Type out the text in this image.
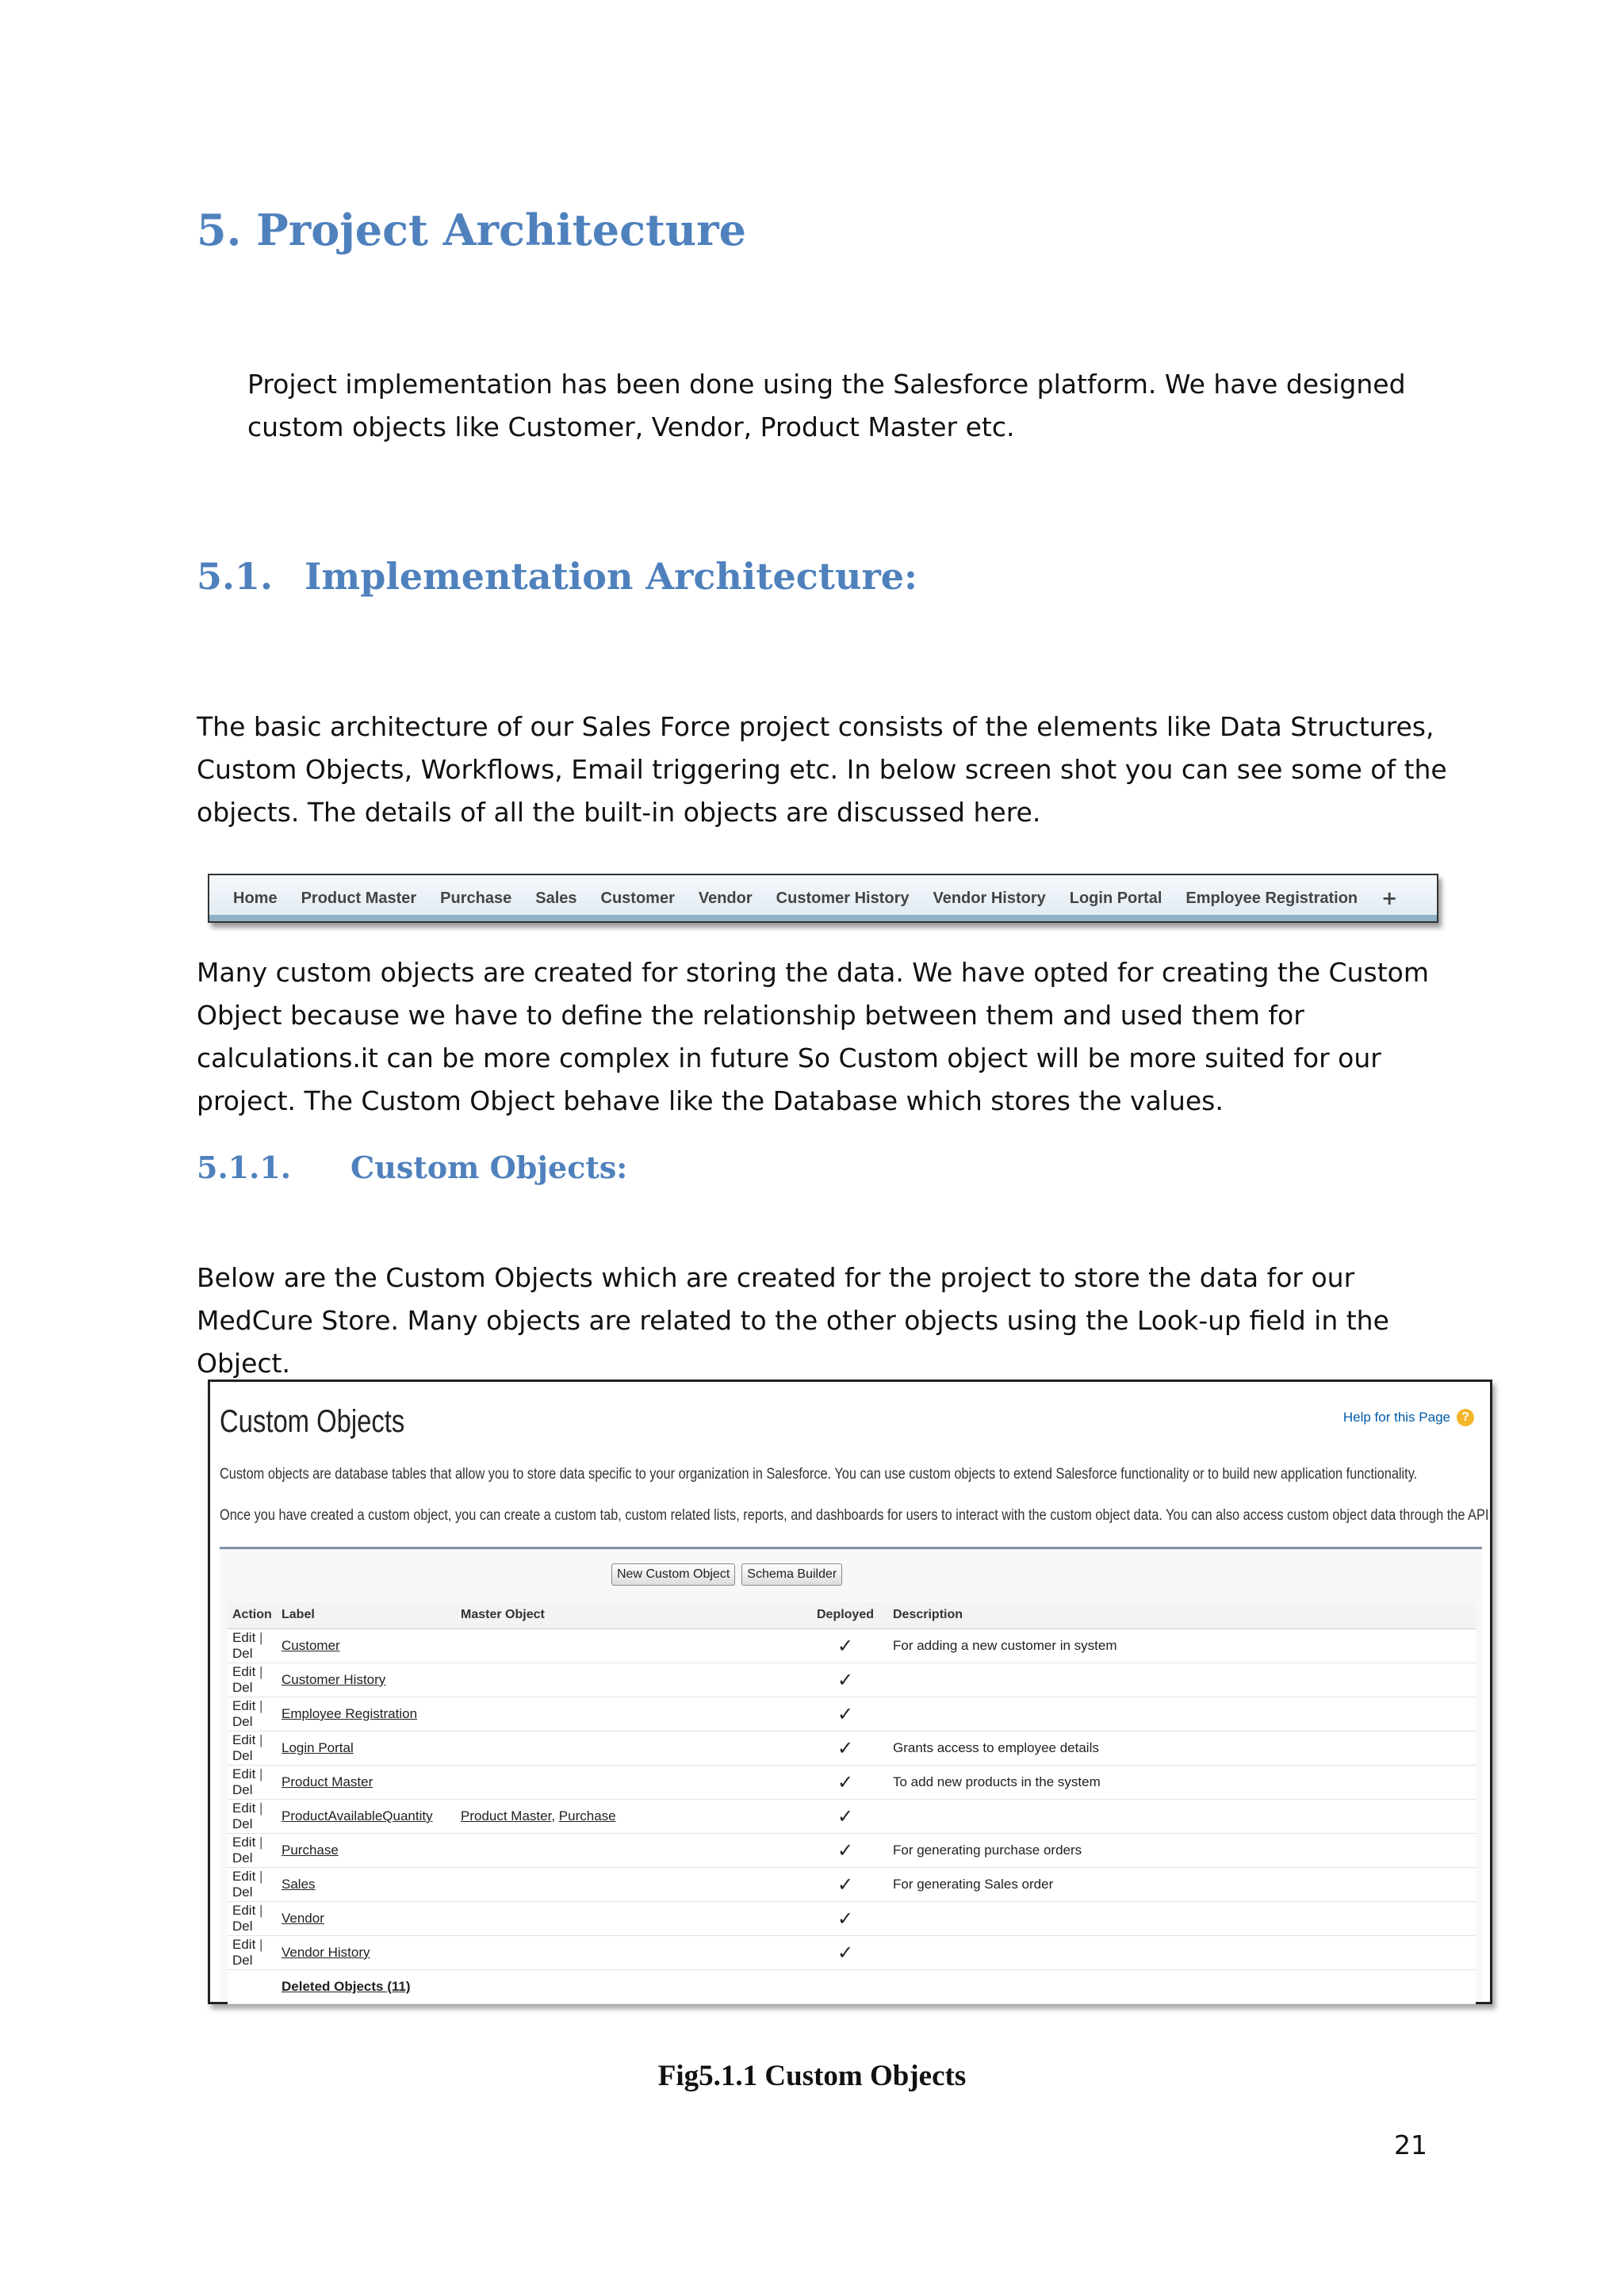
5. Project Architecture
Project implementation has been done using the Salesforce platform. We have designed custom objects like Customer, Vendor, Product Master etc.
5.1. Implementation Architecture:
The basic architecture of our Sales Force project consists of the elements like Data Structures, Custom Objects, Workflows, Email triggering etc. In below screen shot you can see some of the objects. The details of all the built-in objects are discussed here.
Home Product Master Purchase Sales Customer Vendor Customer History Vendor History Login Portal Employee Registration +
Many custom objects are created for storing the data. We have opted for creating the Custom Object because we have to define the relationship between them and used them for calculations.it can be more complex in future So Custom object will be more suited for our project. The Custom Object behave like the Database which stores the values.
5.1.1. Custom Objects:
Below are the Custom Objects which are created for the project to store the data for our MedCure Store. Many objects are related to the other objects using the Look-up field in the Object.
Custom Objects	Help for this Page ?
Custom objects are database tables that allow you to store data specific to your organization in Salesforce. You can use custom objects to extend Salesforce functionality or to build new application functionality.
Once you have created a custom object, you can create a custom tab, custom related lists, reports, and dashboards for users to interact with the custom object data. You can also access custom object data through the API.
New Custom Object	Schema Builder
Action	Label	Master Object	Deployed	Description
Edit | Del	Customer		✓	For adding a new customer in system
Edit | Del	Customer History		✓	
Edit | Del	Employee Registration		✓	
Edit | Del	Login Portal		✓	Grants access to employee details
Edit | Del	Product Master		✓	To add new products in the system
Edit | Del	ProductAvailableQuantity	Product Master, Purchase	✓	
Edit | Del	Purchase		✓	For generating purchase orders
Edit | Del	Sales		✓	For generating Sales order
Edit | Del	Vendor		✓	
Edit | Del	Vendor History		✓	
	Deleted Objects (11)			
Fig5.1.1 Custom Objects
21
